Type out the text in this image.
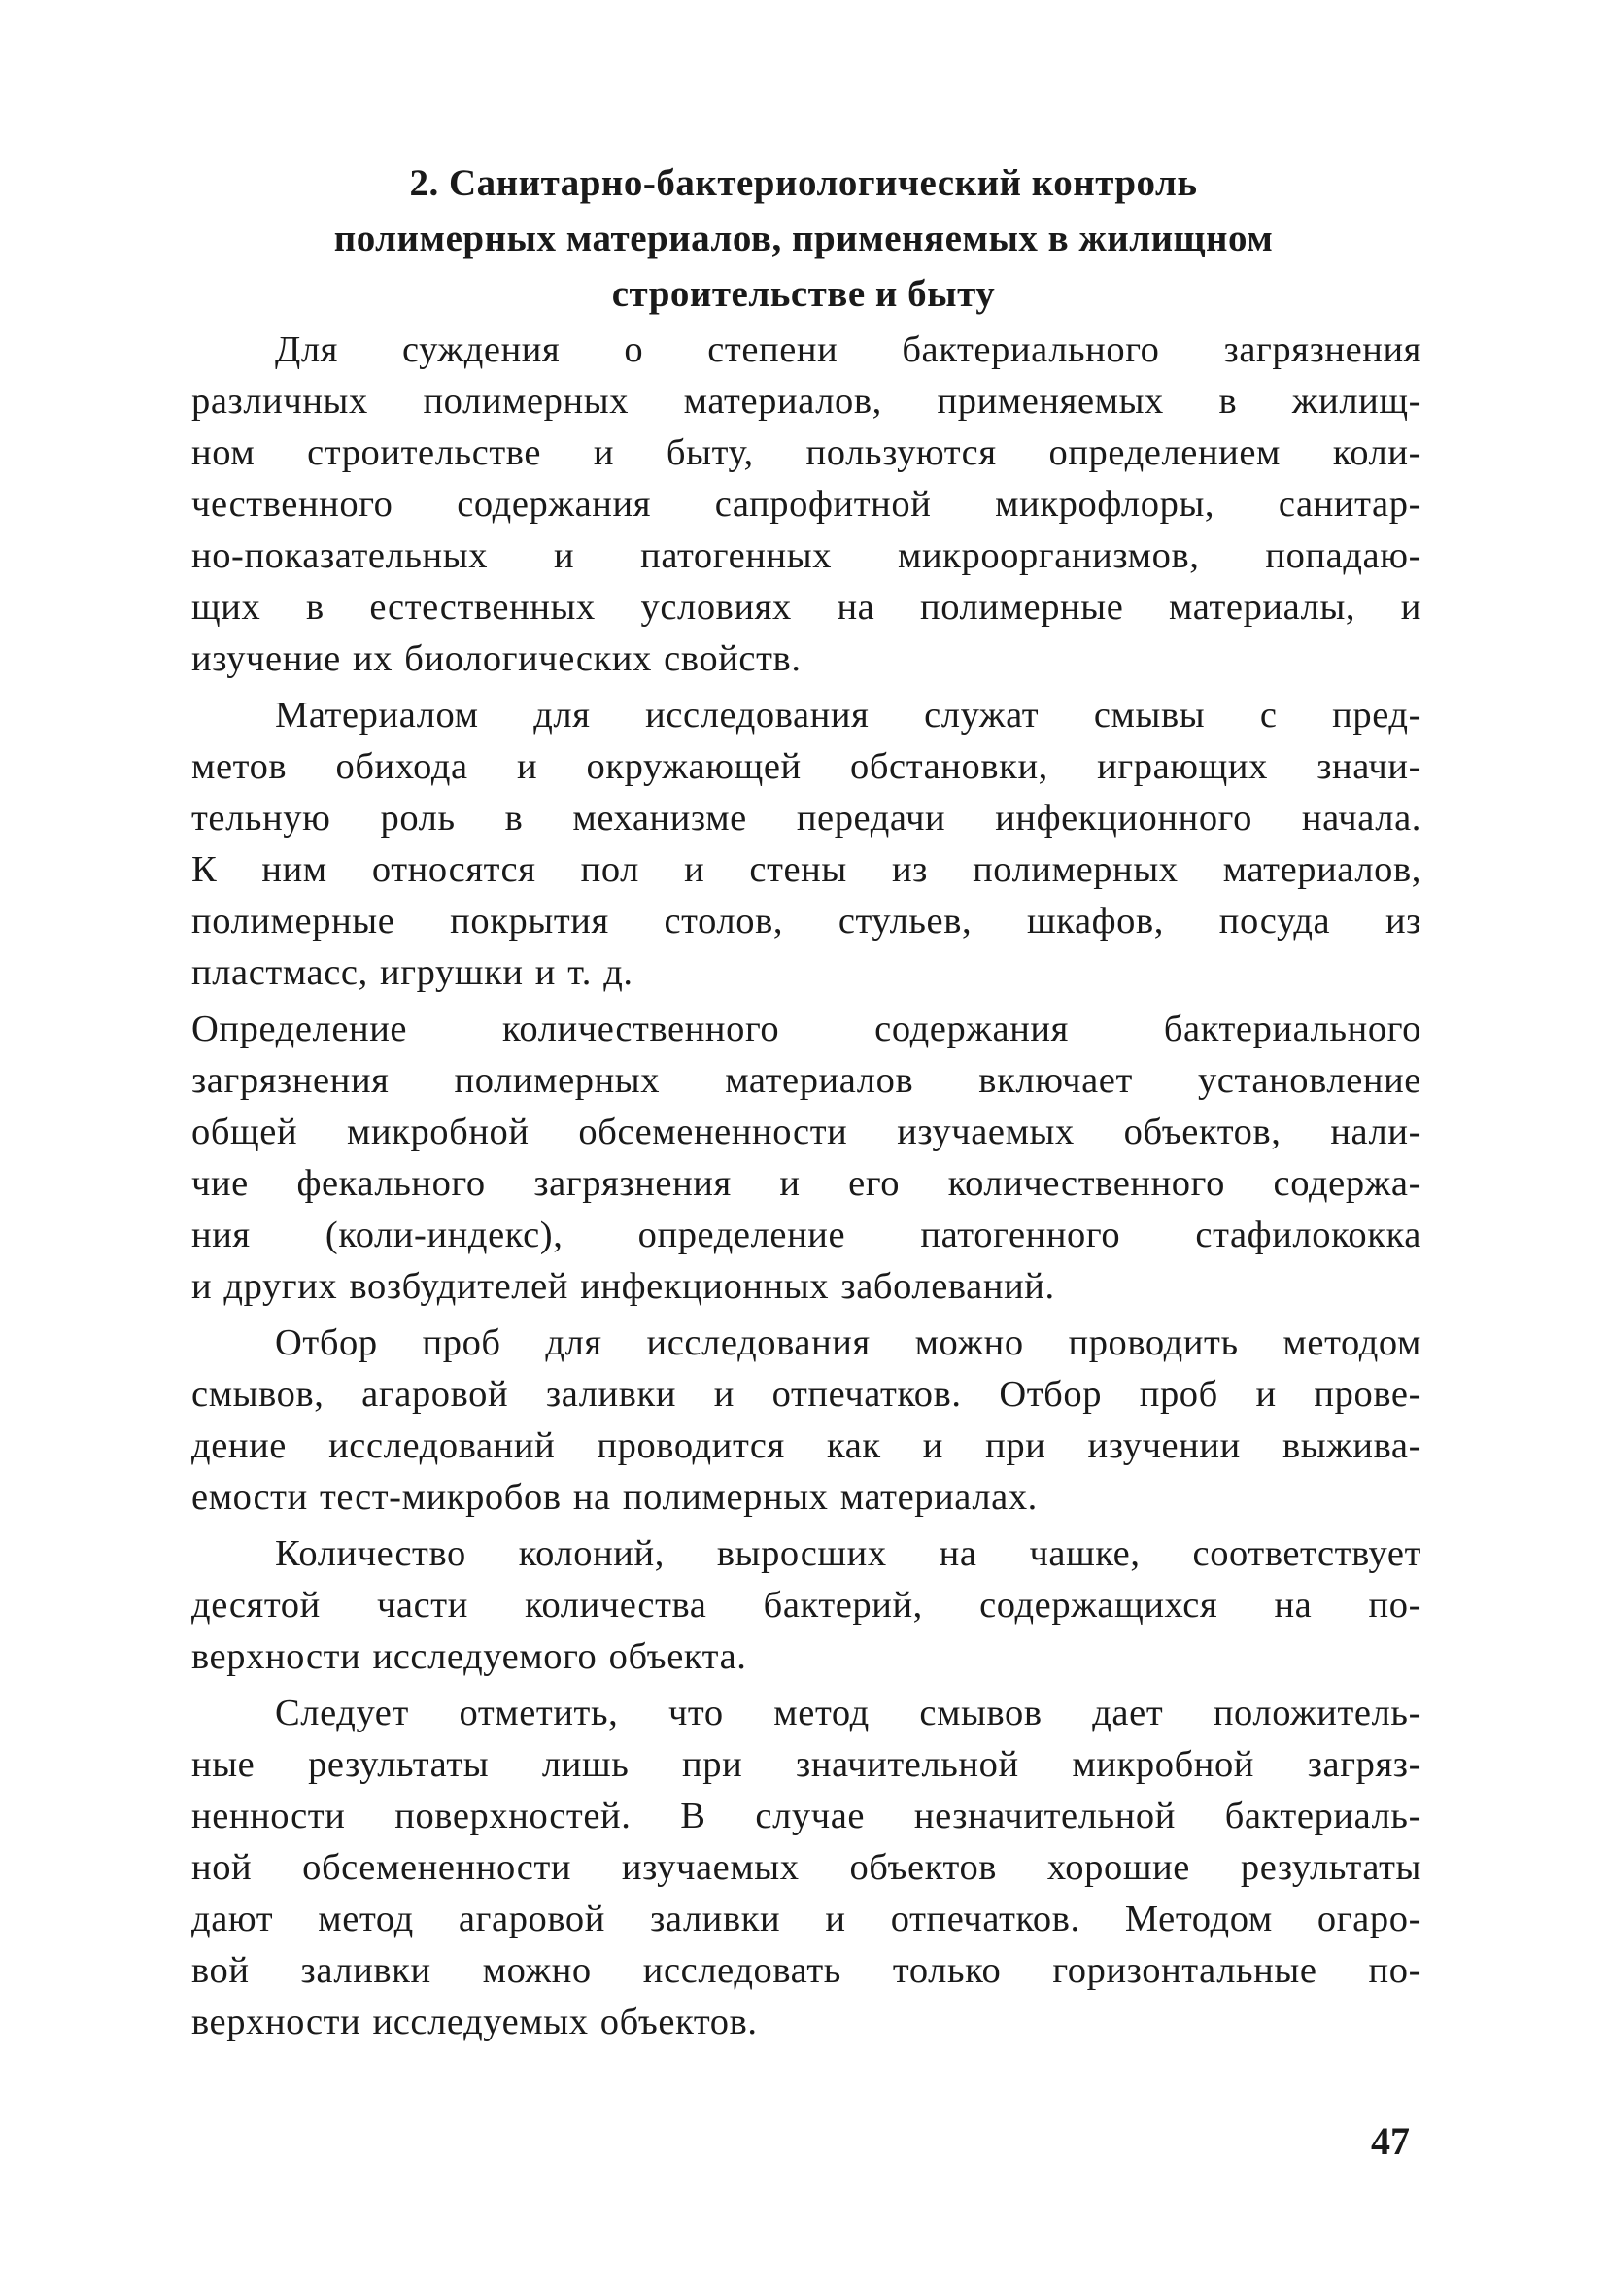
2. Санитарно-бактериологический контроль
полимерных материалов, применяемых в жилищном
строительстве и быту
Для суждения о степени бактериального загрязнения
различных полимерных материалов, применяемых в жилищ-
ном строительстве и быту, пользуются определением коли-
чественного содержания сапрофитной микрофлоры, санитар-
но-показательных и патогенных микроорганизмов, попадаю-
щих в естественных условиях на полимерные материалы, и
изучение их биологических свойств.
Материалом для исследования служат смывы с пред-
метов обихода и окружающей обстановки, играющих значи-
тельную роль в механизме передачи инфекционного начала.
К ним относятся пол и стены из полимерных материалов,
полимерные покрытия столов, стульев, шкафов, посуда из
пластмасс, игрушки и т. д.
Определение количественного содержания бактериального
загрязнения полимерных материалов включает установление
общей микробной обсемененности изучаемых объектов, нали-
чие фекального загрязнения и его количественного содержа-
ния (коли-индекс), определение патогенного стафилококка
и других возбудителей инфекционных заболеваний.
Отбор проб для исследования можно проводить методом
смывов, агаровой заливки и отпечатков. Отбор проб и прове-
дение исследований проводится как и при изучении выжива-
емости тест-микробов на полимерных материалах.
Количество колоний, выросших на чашке, соответствует
десятой части количества бактерий, содержащихся на по-
верхности исследуемого объекта.
Следует отметить, что метод смывов дает положитель-
ные результаты лишь при значительной микробной загряз-
ненности поверхностей. В случае незначительной бактериаль-
ной обсемененности изучаемых объектов хорошие результаты
дают метод агаровой заливки и отпечатков. Методом огаро-
вой заливки можно исследовать только горизонтальные по-
верхности исследуемых объектов.
47
